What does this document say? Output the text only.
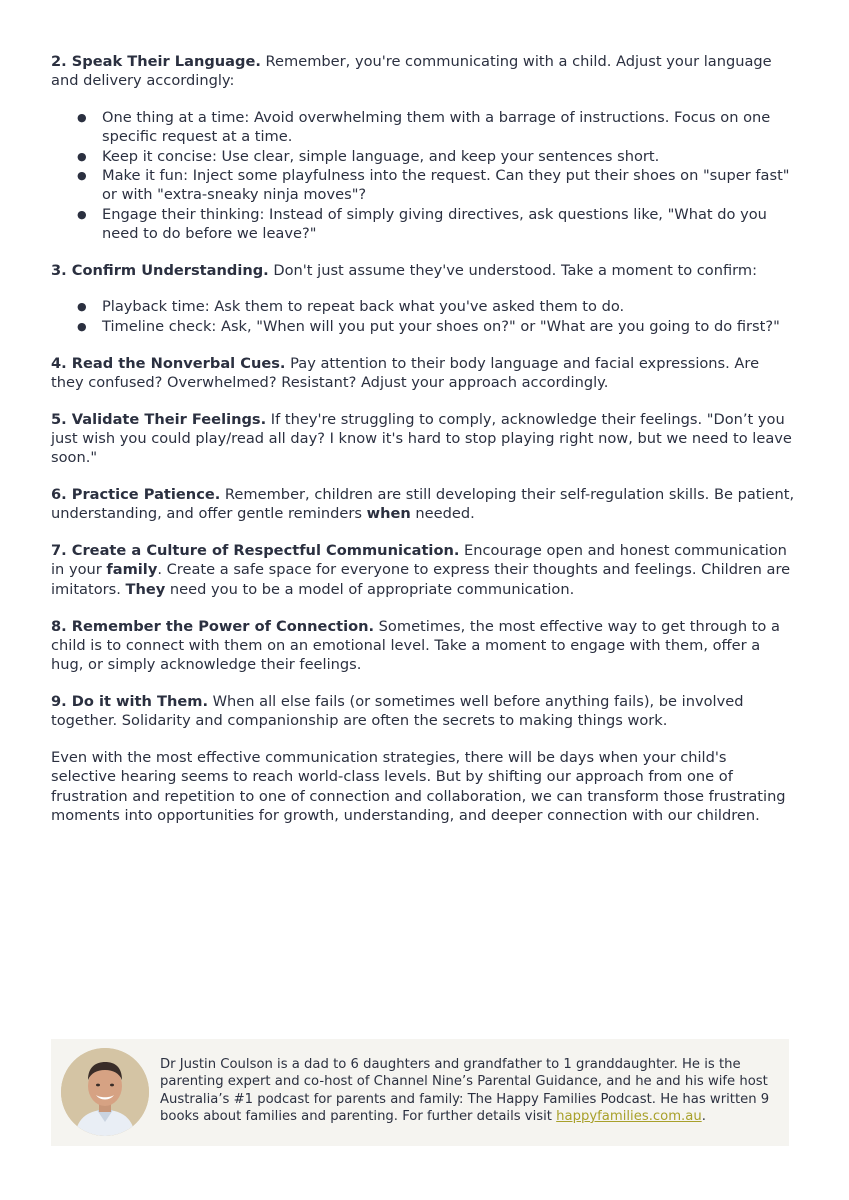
2. Speak Their Language. Remember, you're communicating with a child. Adjust your language and delivery accordingly:

● One thing at a time: Avoid overwhelming them with a barrage of instructions. Focus on one specific request at a time.
● Keep it concise: Use clear, simple language, and keep your sentences short.
● Make it fun: Inject some playfulness into the request. Can they put their shoes on "super fast" or with "extra-sneaky ninja moves"?
● Engage their thinking: Instead of simply giving directives, ask questions like, "What do you need to do before we leave?"

3. Confirm Understanding. Don't just assume they've understood. Take a moment to confirm:

● Playback time: Ask them to repeat back what you've asked them to do.
● Timeline check: Ask, "When will you put your shoes on?" or "What are you going to do first?"

4. Read the Nonverbal Cues. Pay attention to their body language and facial expressions. Are they confused? Overwhelmed? Resistant? Adjust your approach accordingly.

5. Validate Their Feelings. If they're struggling to comply, acknowledge their feelings. "Don’t you just wish you could play/read all day? I know it's hard to stop playing right now, but we need to leave soon."

6. Practice Patience. Remember, children are still developing their self-regulation skills. Be patient, understanding, and offer gentle reminders when needed.

7. Create a Culture of Respectful Communication. Encourage open and honest communication in your family. Create a safe space for everyone to express their thoughts and feelings. Children are imitators. They need you to be a model of appropriate communication.

8. Remember the Power of Connection. Sometimes, the most effective way to get through to a child is to connect with them on an emotional level. Take a moment to engage with them, offer a hug, or simply acknowledge their feelings.

9. Do it with Them. When all else fails (or sometimes well before anything fails), be involved together. Solidarity and companionship are often the secrets to making things work.

Even with the most effective communication strategies, there will be days when your child's selective hearing seems to reach world-class levels. But by shifting our approach from one of frustration and repetition to one of connection and collaboration, we can transform those frustrating moments into opportunities for growth, understanding, and deeper connection with our children.

Dr Justin Coulson is a dad to 6 daughters and grandfather to 1 granddaughter. He is the parenting expert and co-host of Channel Nine’s Parental Guidance, and he and his wife host Australia’s #1 podcast for parents and family: The Happy Families Podcast. He has written 9 books about families and parenting. For further details visit happyfamilies.com.au.
